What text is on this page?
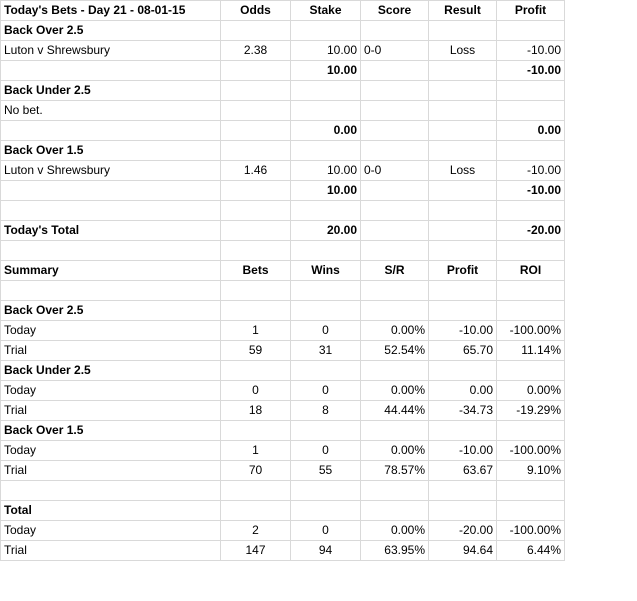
Today's Bets - Day 21 - 08-01-15	Odds	Stake	Score	Result	Profit
Back Over 2.5					
Luton v Shrewsbury	2.38	10.00	0-0	Loss	-10.00
		10.00			-10.00
Back Under 2.5					
No bet.					
		0.00			0.00
Back Over 1.5					
Luton v Shrewsbury	1.46	10.00	0-0	Loss	-10.00
		10.00			-10.00

Today's Total		20.00			-20.00

Summary	Bets	Wins	S/R	Profit	ROI

Back Over 2.5					
Today	1	0	0.00%	-10.00	-100.00%
Trial	59	31	52.54%	65.70	11.14%
Back Under 2.5					
Today	0	0	0.00%	0.00	0.00%
Trial	18	8	44.44%	-34.73	-19.29%
Back Over 1.5					
Today	1	0	0.00%	-10.00	-100.00%
Trial	70	55	78.57%	63.67	9.10%

Total					
Today	2	0	0.00%	-20.00	-100.00%
Trial	147	94	63.95%	94.64	6.44%
